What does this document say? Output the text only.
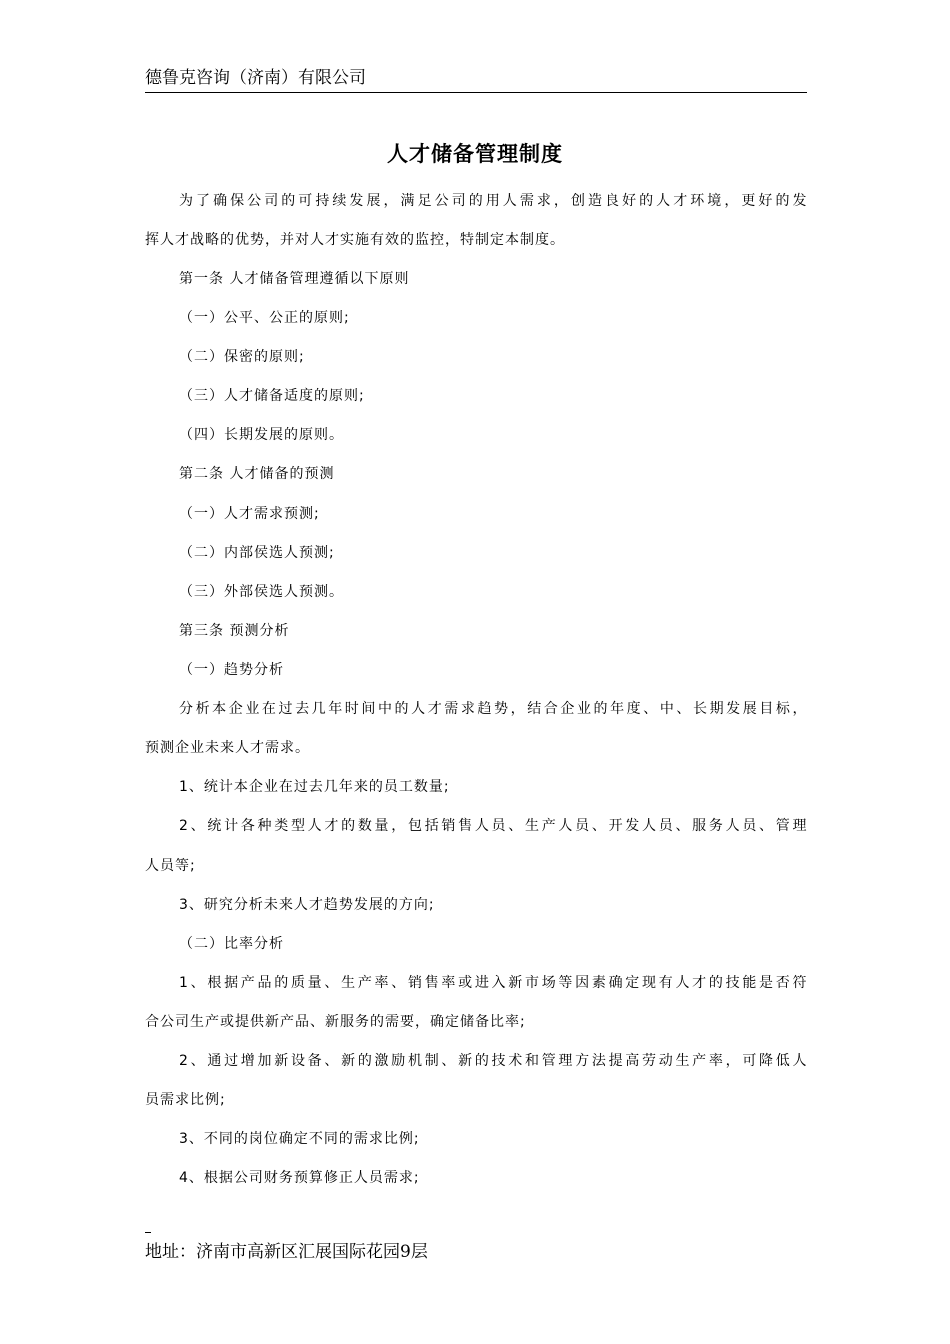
德鲁克咨询（济南）有限公司
人才储备管理制度
为了确保公司的可持续发展，满足公司的用人需求，创造良好的人才环境，更好的发
挥人才战略的优势，并对人才实施有效的监控，特制定本制度。
第一条 人才储备管理遵循以下原则
（一）公平、公正的原则;
（二）保密的原则;
（三）人才储备适度的原则;
（四）长期发展的原则。
第二条 人才储备的预测
（一）人才需求预测;
（二）内部侯选人预测;
（三）外部侯选人预测。
第三条 预测分析
（一）趋势分析
分析本企业在过去几年时间中的人才需求趋势，结合企业的年度、中、长期发展目标，
预测企业未来人才需求。
1、统计本企业在过去几年来的员工数量;
2、统计各种类型人才的数量，包括销售人员、生产人员、开发人员、服务人员、管理
人员等;
3、研究分析未来人才趋势发展的方向;
（二）比率分析
1、根据产品的质量、生产率、销售率或进入新市场等因素确定现有人才的技能是否符
合公司生产或提供新产品、新服务的需要，确定储备比率;
2、通过增加新设备、新的激励机制、新的技术和管理方法提高劳动生产率，可降低人
员需求比例;
3、不同的岗位确定不同的需求比例;
4、根据公司财务预算修正人员需求;
地址：济南市高新区汇展国际花园9层
